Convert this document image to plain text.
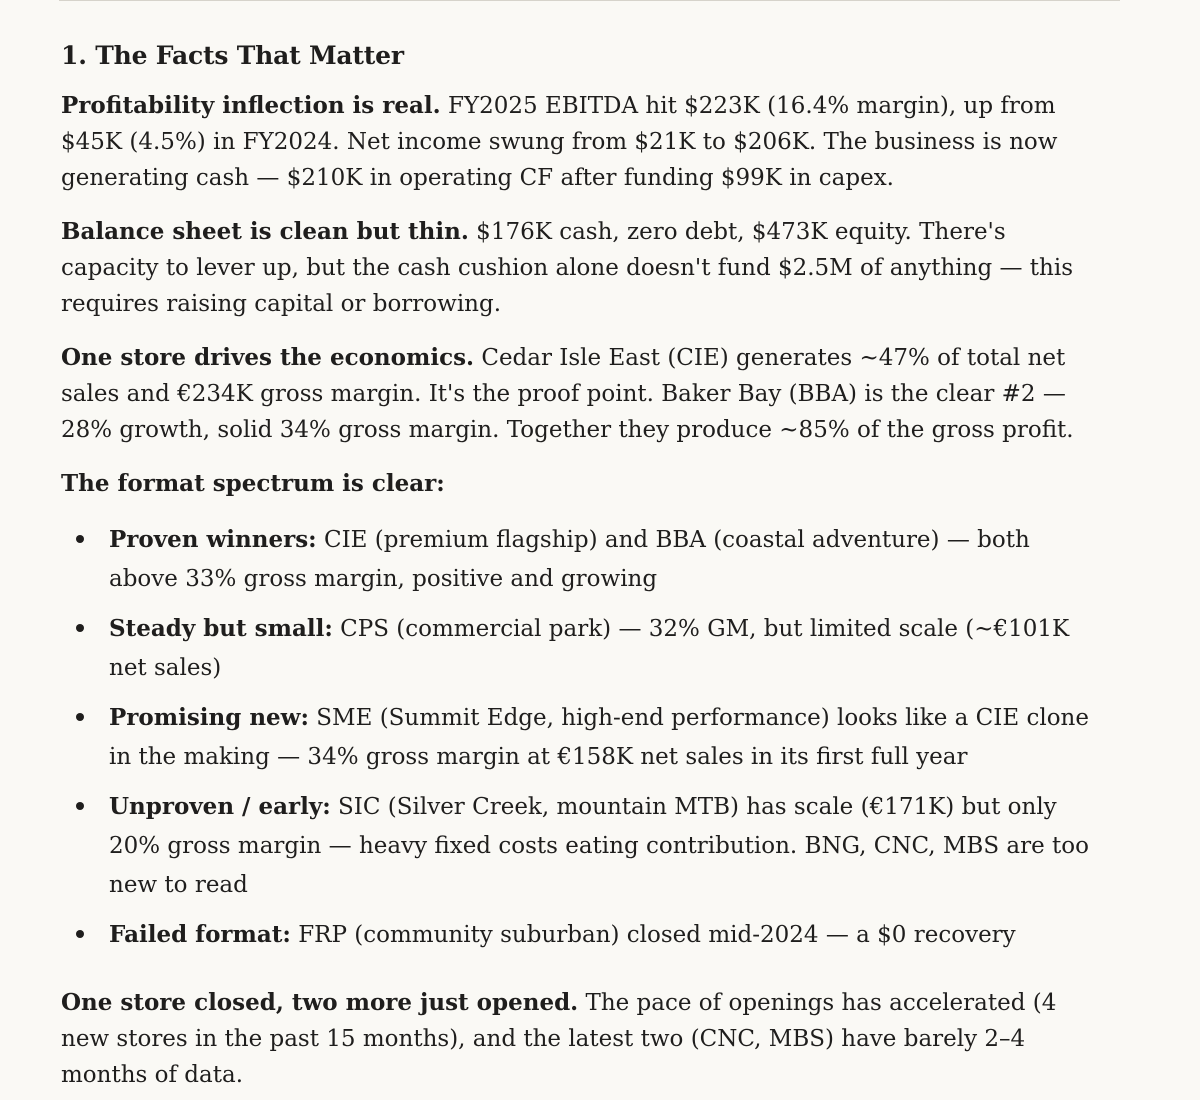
1. The Facts That Matter

Profitability inflection is real. FY2025 EBITDA hit $223K (16.4% margin), up from $45K (4.5%) in FY2024. Net income swung from $21K to $206K. The business is now generating cash — $210K in operating CF after funding $99K in capex.

Balance sheet is clean but thin. $176K cash, zero debt, $473K equity. There's capacity to lever up, but the cash cushion alone doesn't fund $2.5M of anything — this requires raising capital or borrowing.

One store drives the economics. Cedar Isle East (CIE) generates ~47% of total net sales and €234K gross margin. It's the proof point. Baker Bay (BBA) is the clear #2 — 28% growth, solid 34% gross margin. Together they produce ~85% of the gross profit.

The format spectrum is clear:

Proven winners: CIE (premium flagship) and BBA (coastal adventure) — both above 33% gross margin, positive and growing
Steady but small: CPS (commercial park) — 32% GM, but limited scale (~€101K net sales)
Promising new: SME (Summit Edge, high-end performance) looks like a CIE clone in the making — 34% gross margin at €158K net sales in its first full year
Unproven / early: SIC (Silver Creek, mountain MTB) has scale (€171K) but only 20% gross margin — heavy fixed costs eating contribution. BNG, CNC, MBS are too new to read
Failed format: FRP (community suburban) closed mid-2024 — a $0 recovery

One store closed, two more just opened. The pace of openings has accelerated (4 new stores in the past 15 months), and the latest two (CNC, MBS) have barely 2–4 months of data.
